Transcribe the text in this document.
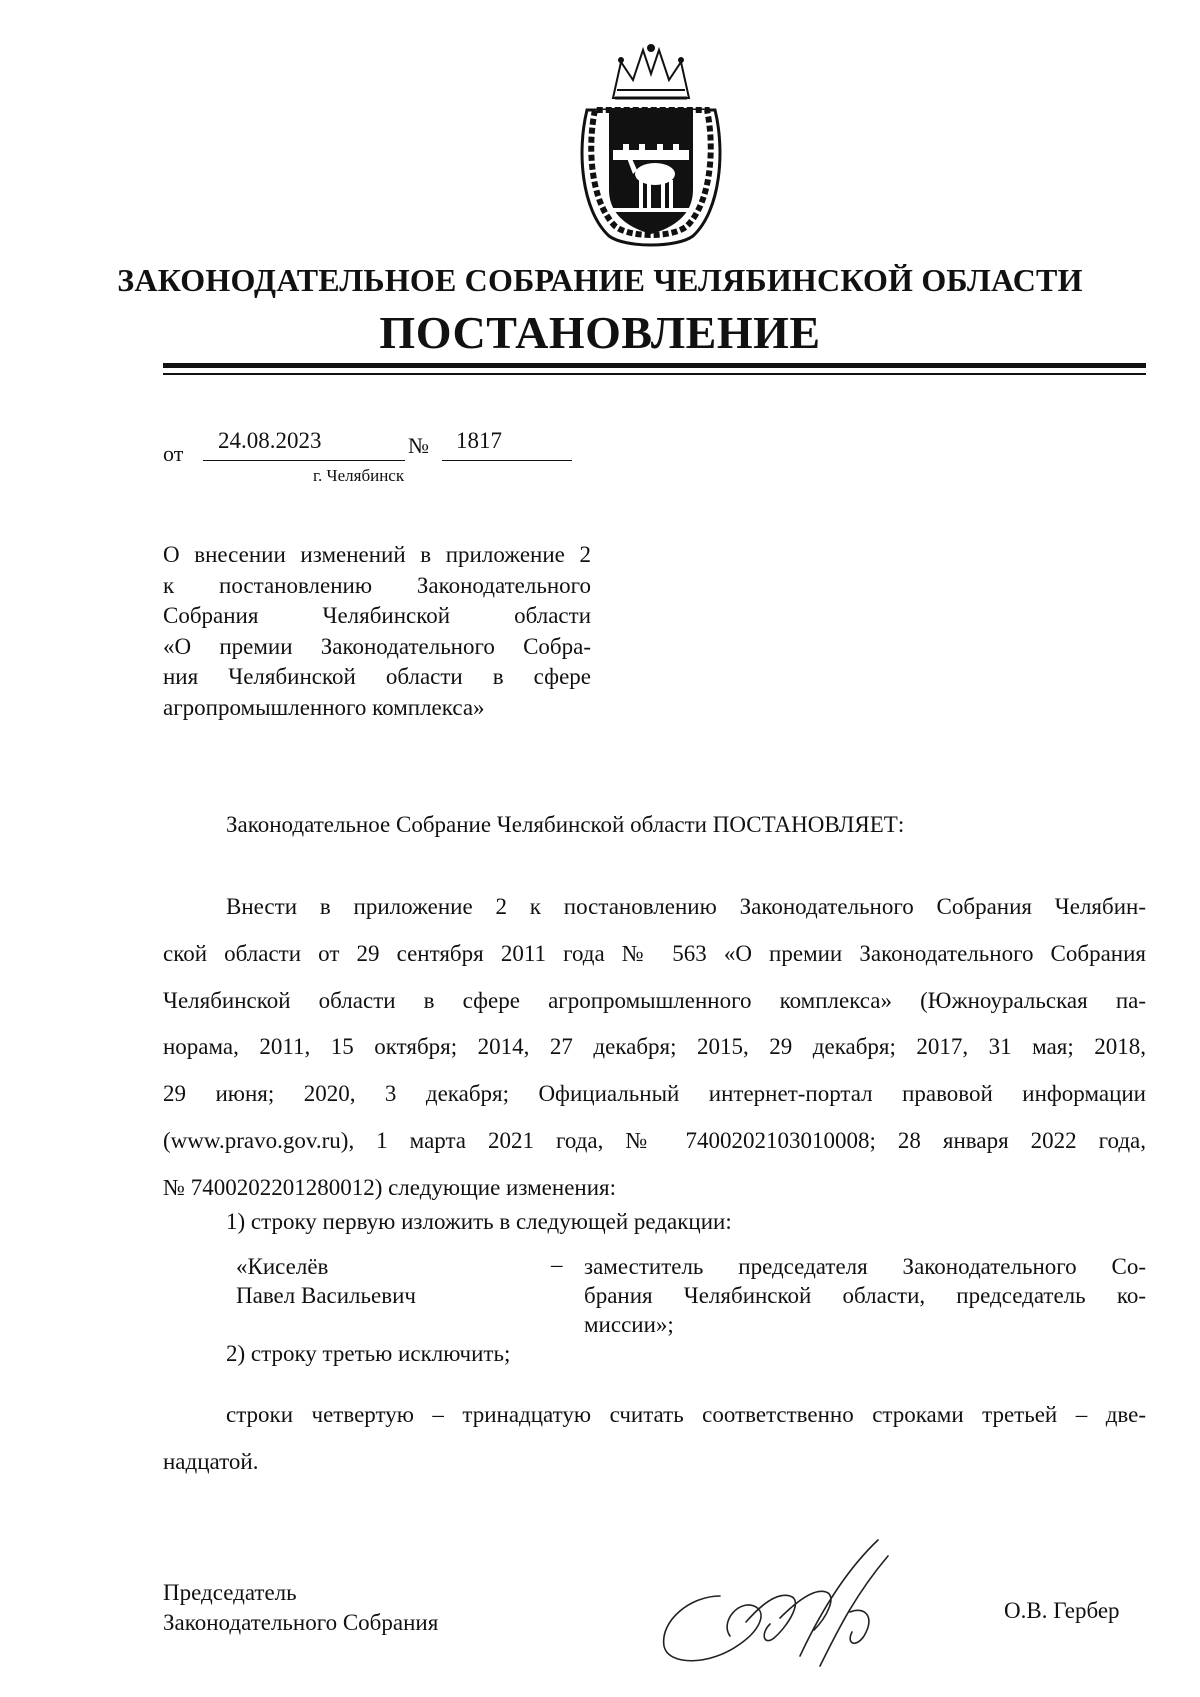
ЗАКОНОДАТЕЛЬНОЕ СОБРАНИЕ ЧЕЛЯБИНСКОЙ ОБЛАСТИ
ПОСТАНОВЛЕНИЕ
от
24.08.2023	№ 1817
г. Челябинск
О внесении изменений в приложение 2
к постановлению Законодательного
Собрания Челябинской области
«О премии Законодательного Собра-
ния Челябинской области в сфере
агропромышленного комплекса»
Законодательное Собрание Челябинской области ПОСТАНОВЛЯЕТ:
Внести в приложение 2 к постановлению Законодательного Собрания Челябин-
ской области от 29 сентября 2011 года № 563 «О премии Законодательного Собрания
Челябинской области в сфере агропромышленного комплекса» (Южноуральская па-
норама, 2011, 15 октября; 2014, 27 декабря; 2015, 29 декабря; 2017, 31 мая; 2018,
29 июня; 2020, 3 декабря; Официальный интернет-портал правовой информации
(www.pravo.gov.ru), 1 марта 2021 года, № 7400202103010008; 28 января 2022 года,
№ 7400202201280012) следующие изменения:
1) строку первую изложить в следующей редакции:
«Киселёв
Павел Васильевич
– заместитель председателя Законодательного Со-
брания Челябинской области, председатель ко-
миссии»;
2) строку третью исключить;
строки четвертую – тринадцатую считать соответственно строками третьей – две-
надцатой.
Председатель
Законодательного Собрания	О.В. Гербер
